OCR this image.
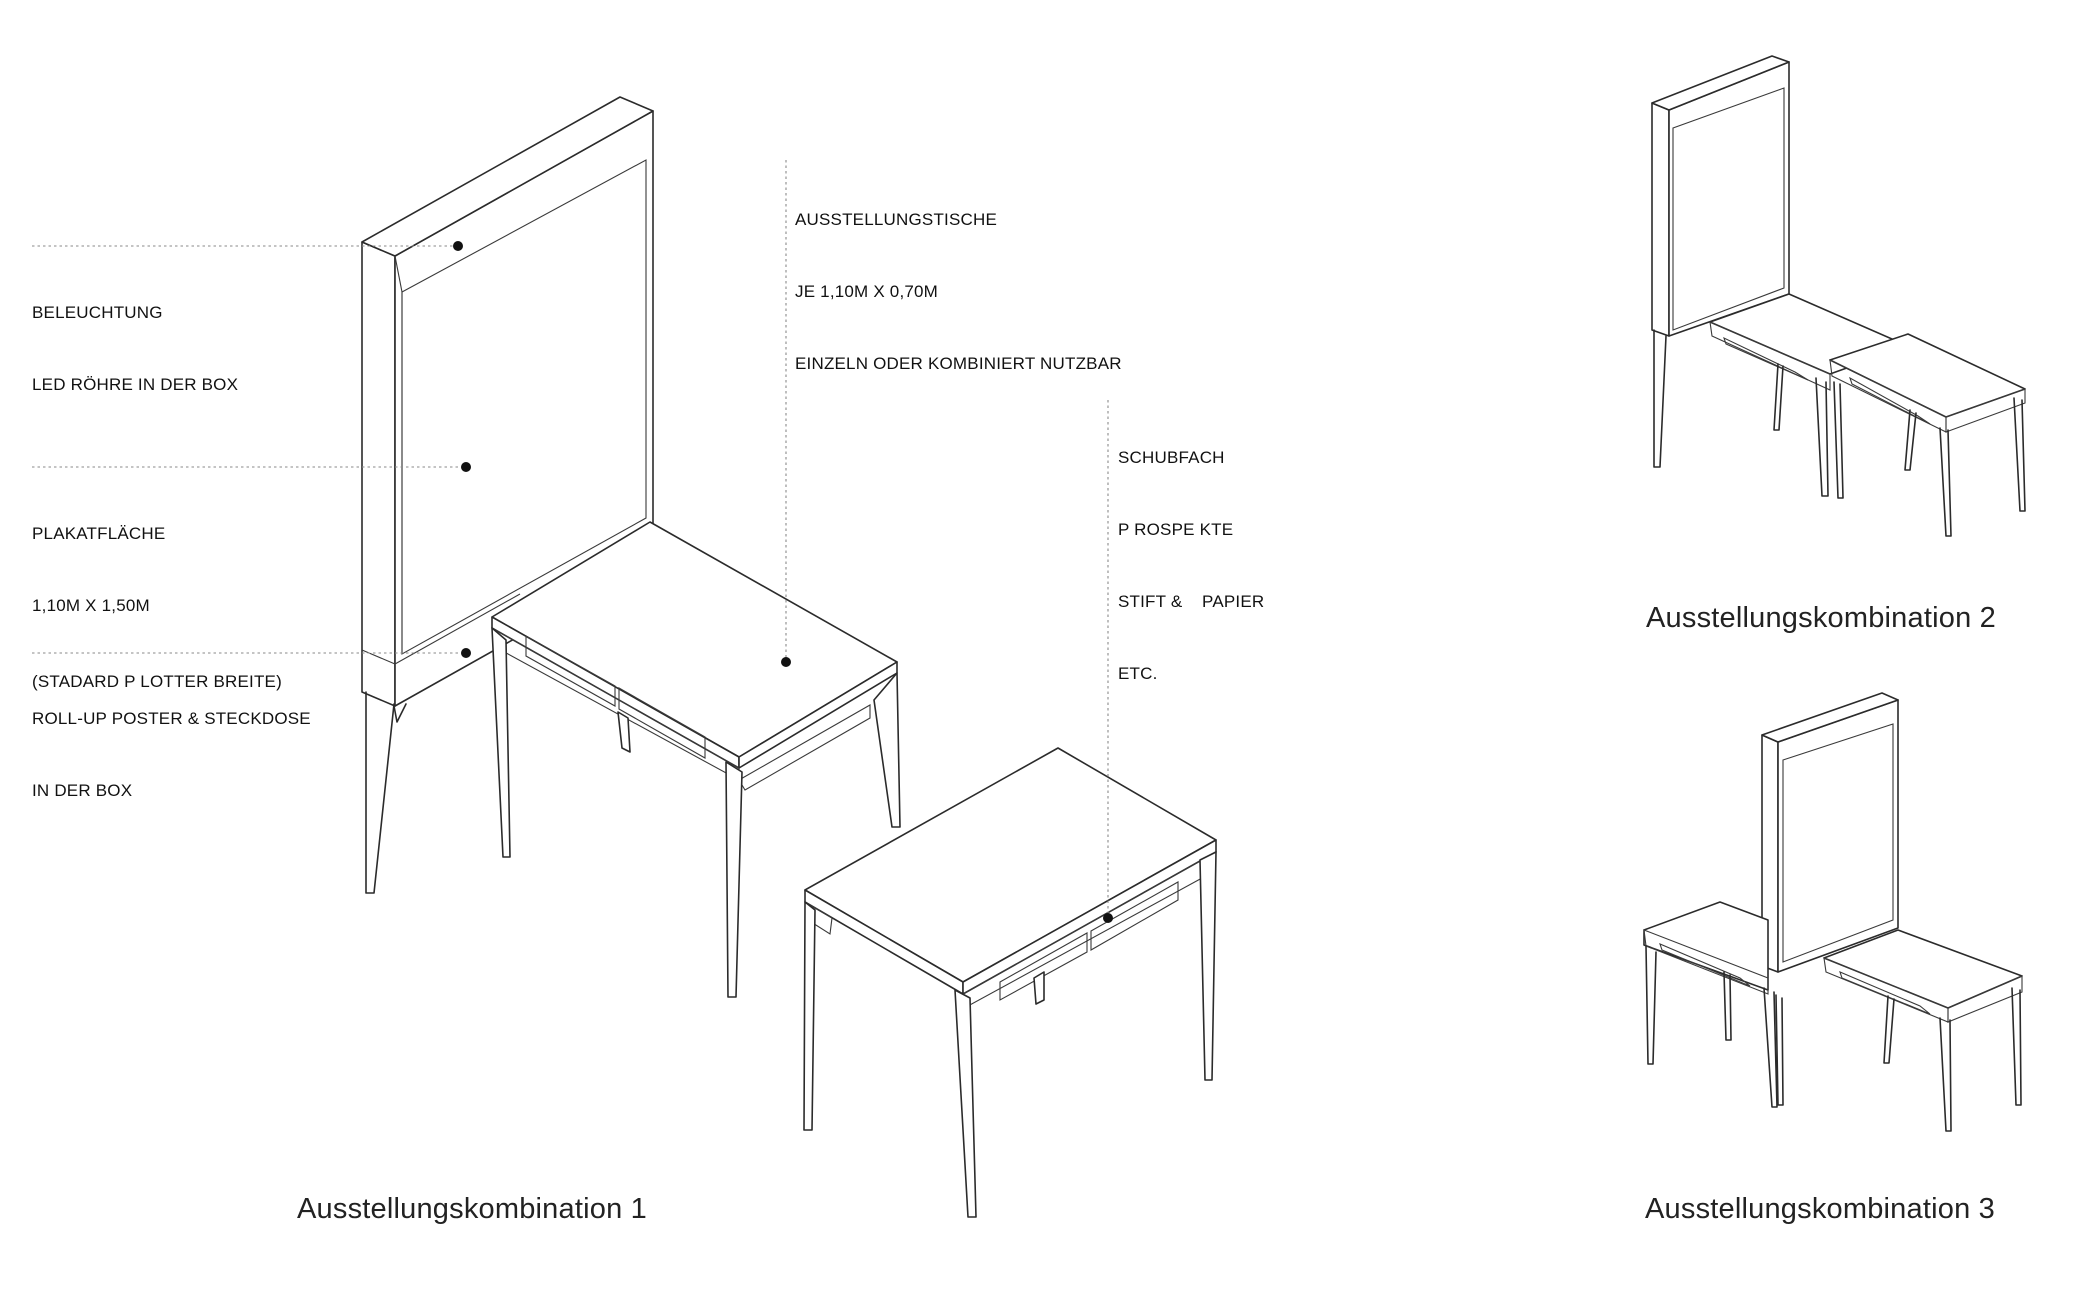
BELEUCHTUNG

LED RÖHRE IN DER BOX

PLAKATFLÄCHE

1,10M X 1,50M

(STADARD P LOTTER BREITE)

ROLL-UP POSTER & STECKDOSE

IN DER BOX

AUSSTELLUNGSTISCHE

JE 1,10M X 0,70M

EINZELN ODER KOMBINIERT NUTZBAR

SCHUBFACH

P ROSPE KTE

STIFT &    PAPIER

ETC.

Ausstellungskombination 1
Ausstellungskombination 2
Ausstellungskombination 3
